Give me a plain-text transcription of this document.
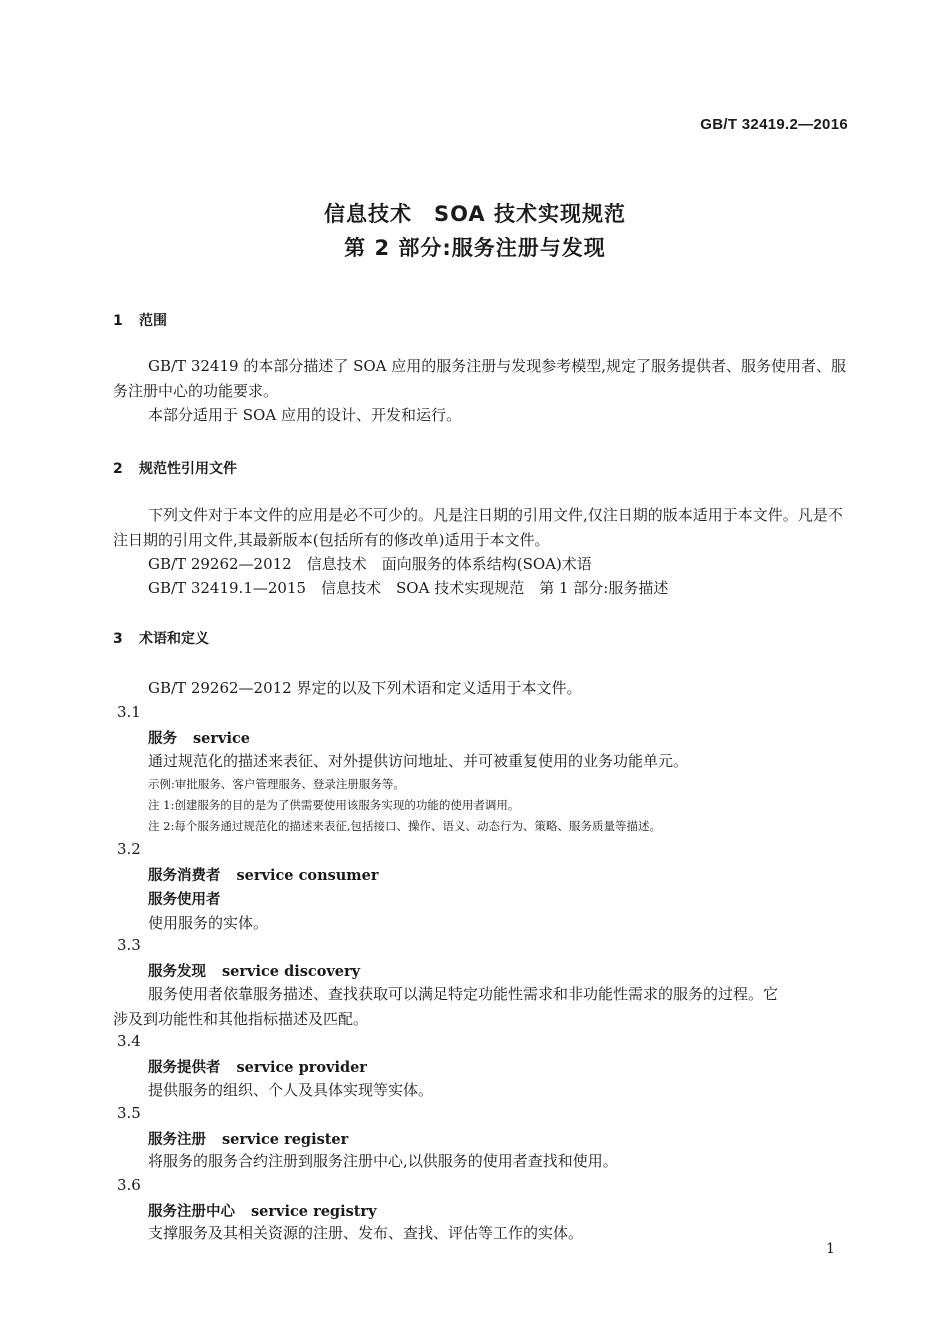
GB/T 32419.2—2016
信息技术　SOA 技术实现规范
第 2 部分:服务注册与发现
1 范围
GB/T 32419 的本部分描述了 SOA 应用的服务注册与发现参考模型,规定了服务提供者、服务使用者、服务注册中心的功能要求。
本部分适用于 SOA 应用的设计、开发和运行。
2 规范性引用文件
下列文件对于本文件的应用是必不可少的。凡是注日期的引用文件,仅注日期的版本适用于本文件。凡是不注日期的引用文件,其最新版本(包括所有的修改单)适用于本文件。
GB/T 29262—2012　信息技术　面向服务的体系结构(SOA)术语
GB/T 32419.1—2015　信息技术　SOA 技术实现规范　第 1 部分:服务描述
3 术语和定义
GB/T 29262—2012 界定的以及下列术语和定义适用于本文件。
3.1
服务 service
通过规范化的描述来表征、对外提供访问地址、并可被重复使用的业务功能单元。
示例:审批服务、客户管理服务、登录注册服务等。
注 1:创建服务的目的是为了供需要使用该服务实现的功能的使用者调用。
注 2:每个服务通过规范化的描述来表征,包括接口、操作、语义、动态行为、策略、服务质量等描述。
3.2
服务消费者 service consumer
服务使用者
使用服务的实体。
3.3
服务发现 service discovery
服务使用者依靠服务描述、查找获取可以满足特定功能性需求和非功能性需求的服务的过程。它
涉及到功能性和其他指标描述及匹配。
3.4
服务提供者 service provider
提供服务的组织、个人及具体实现等实体。
3.5
服务注册 service register
将服务的服务合约注册到服务注册中心,以供服务的使用者查找和使用。
3.6
服务注册中心 service registry
支撑服务及其相关资源的注册、发布、查找、评估等工作的实体。
1
